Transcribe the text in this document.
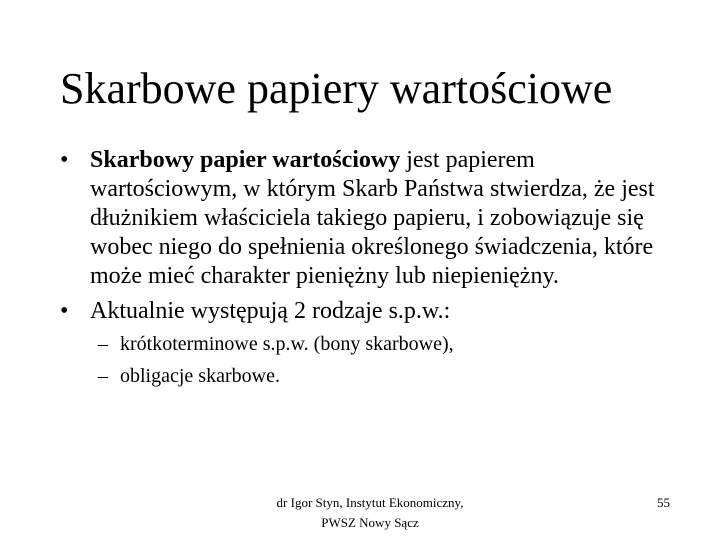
Skarbowe papiery wartościowe
• Skarbowy papier wartościowy jest papierem wartościowym, w którym Skarb Państwa stwierdza, że jest dłużnikiem właściciela takiego papieru, i zobowiązuje się wobec niego do spełnienia określonego świadczenia, które może mieć charakter pieniężny lub niepieniężny.
• Aktualnie występują 2 rodzaje s.p.w.:
– krótkoterminowe s.p.w. (bony skarbowe),
– obligacje skarbowe.
dr Igor Styn, Instytut Ekonomiczny,
PWSZ Nowy Sącz
55
